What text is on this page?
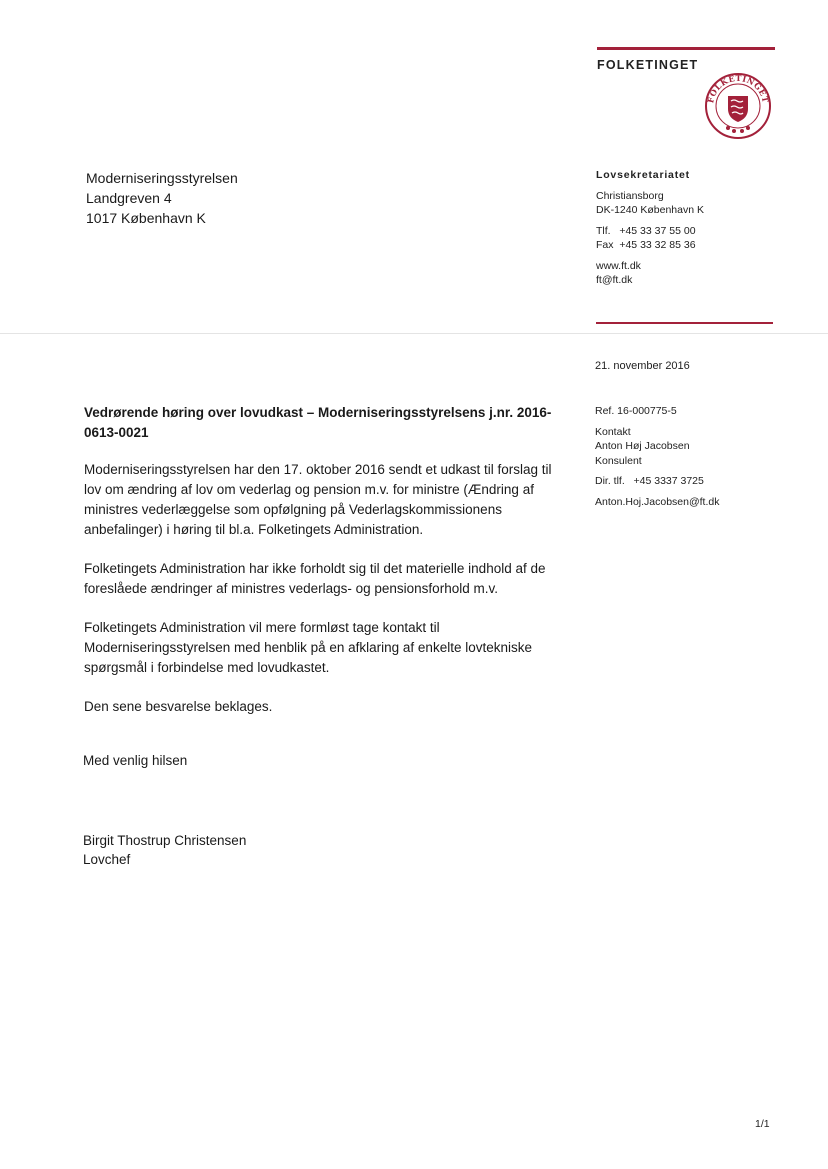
FOLKETINGET
FOLKETINGET
Moderniseringsstyrelsen
Landgreven 4
1017 København K
Lovsekretariatet
Christiansborg
DK-1240 København K
Tlf.   +45 33 37 55 00
Fax  +45 33 32 85 36
www.ft.dk
ft@ft.dk
21. november 2016
Ref. 16-000775-5
Kontakt
Anton Høj Jacobsen
Konsulent
Dir. tlf.   +45 3337 3725
Anton.Hoj.Jacobsen@ft.dk
Vedrørende høring over lovudkast – Moderniseringsstyrelsens j.nr. 2016-0613-0021

Moderniseringsstyrelsen har den 17. oktober 2016 sendt et udkast til forslag til lov om ændring af lov om vederlag og pension m.v. for ministre (Ændring af ministres vederlæggelse som opfølgning på Vederlagskommissionens anbefalinger) i høring til bl.a. Folketingets Administration.

Folketingets Administration har ikke forholdt sig til det materielle indhold af de foreslåede ændringer af ministres vederlags- og pensionsforhold m.v.

Folketingets Administration vil mere formløst tage kontakt til Moderniseringsstyrelsen med henblik på en afklaring af enkelte lovtekniske spørgsmål i forbindelse med lovudkastet.

Den sene besvarelse beklages.

Med venlig hilsen
Birgit Thostrup Christensen
Lovchef
1/1
